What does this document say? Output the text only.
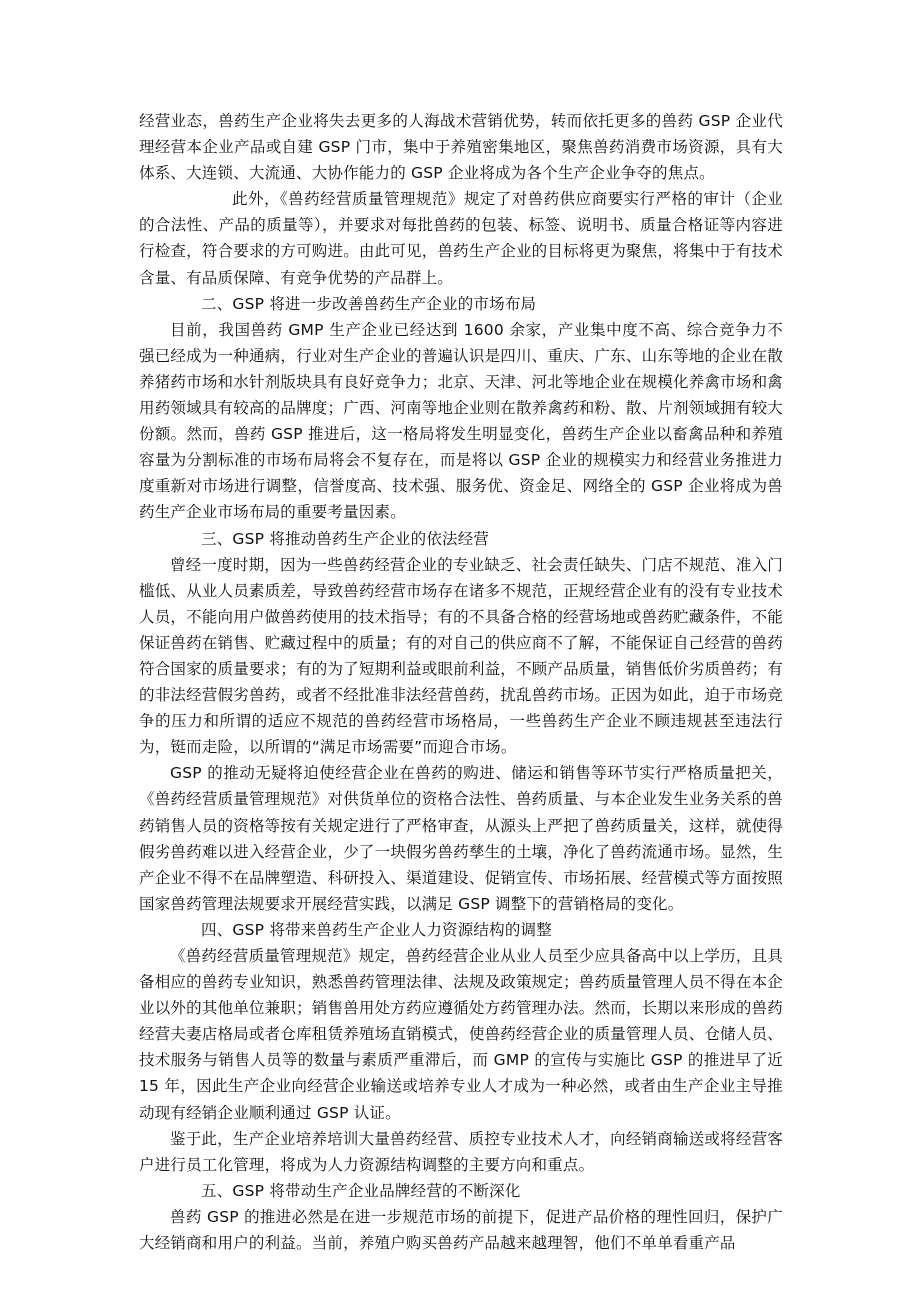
经营业态，兽药生产企业将失去更多的人海战术营销优势，转而依托更多的兽药 GSP 企业代理经营本企业产品或自建 GSP 门市，集中于养殖密集地区，聚焦兽药消费市场资源，具有大体系、大连锁、大流通、大协作能力的 GSP 企业将成为各个生产企业争夺的焦点。

此外，《兽药经营质量管理规范》规定了对兽药供应商要实行严格的审计（企业的合法性、产品的质量等），并要求对每批兽药的包装、标签、说明书、质量合格证等内容进行检查，符合要求的方可购进。由此可见，兽药生产企业的目标将更为聚焦，将集中于有技术含量、有品质保障、有竞争优势的产品群上。

二、GSP 将进一步改善兽药生产企业的市场布局

目前，我国兽药 GMP 生产企业已经达到 1600 余家，产业集中度不高、综合竞争力不强已经成为一种通病，行业对生产企业的普遍认识是四川、重庆、广东、山东等地的企业在散养猪药市场和水针剂版块具有良好竞争力；北京、天津、河北等地企业在规模化养禽市场和禽用药领域具有较高的品牌度；广西、河南等地企业则在散养禽药和粉、散、片剂领域拥有较大份额。然而，兽药 GSP 推进后，这一格局将发生明显变化，兽药生产企业以畜禽品种和养殖容量为分割标准的市场布局将会不复存在，而是将以 GSP 企业的规模实力和经营业务推进力度重新对市场进行调整，信誉度高、技术强、服务优、资金足、网络全的 GSP 企业将成为兽药生产企业市场布局的重要考量因素。

三、GSP 将推动兽药生产企业的依法经营

曾经一度时期，因为一些兽药经营企业的专业缺乏、社会责任缺失、门店不规范、准入门槛低、从业人员素质差，导致兽药经营市场存在诸多不规范，正规经营企业有的没有专业技术人员，不能向用户做兽药使用的技术指导；有的不具备合格的经营场地或兽药贮藏条件，不能保证兽药在销售、贮藏过程中的质量；有的对自己的供应商不了解，不能保证自己经营的兽药符合国家的质量要求；有的为了短期利益或眼前利益，不顾产品质量，销售低价劣质兽药；有的非法经营假劣兽药，或者不经批准非法经营兽药，扰乱兽药市场。正因为如此，迫于市场竞争的压力和所谓的适应不规范的兽药经营市场格局，一些兽药生产企业不顾违规甚至违法行为，铤而走险，以所谓的“满足市场需要”而迎合市场。

GSP 的推动无疑将迫使经营企业在兽药的购进、储运和销售等环节实行严格质量把关，《兽药经营质量管理规范》对供货单位的资格合法性、兽药质量、与本企业发生业务关系的兽药销售人员的资格等按有关规定进行了严格审查，从源头上严把了兽药质量关，这样，就使得假劣兽药难以进入经营企业，少了一块假劣兽药孳生的土壤，净化了兽药流通市场。显然，生产企业不得不在品牌塑造、科研投入、渠道建设、促销宣传、市场拓展、经营模式等方面按照国家兽药管理法规要求开展经营实践，以满足 GSP 调整下的营销格局的变化。

四、GSP 将带来兽药生产企业人力资源结构的调整

《兽药经营质量管理规范》规定，兽药经营企业从业人员至少应具备高中以上学历，且具备相应的兽药专业知识，熟悉兽药管理法律、法规及政策规定；兽药质量管理人员不得在本企业以外的其他单位兼职；销售兽用处方药应遵循处方药管理办法。然而，长期以来形成的兽药经营夫妻店格局或者仓库租赁养殖场直销模式，使兽药经营企业的质量管理人员、仓储人员、技术服务与销售人员等的数量与素质严重滞后，而 GMP 的宣传与实施比 GSP 的推进早了近 15 年，因此生产企业向经营企业输送或培养专业人才成为一种必然，或者由生产企业主导推动现有经销企业顺利通过 GSP 认证。

鉴于此，生产企业培养培训大量兽药经营、质控专业技术人才，向经销商输送或将经营客户进行员工化管理，将成为人力资源结构调整的主要方向和重点。

五、GSP 将带动生产企业品牌经营的不断深化

兽药 GSP 的推进必然是在进一步规范市场的前提下，促进产品价格的理性回归，保护广大经销商和用户的利益。当前，养殖户购买兽药产品越来越理智，他们不单单看重产品
